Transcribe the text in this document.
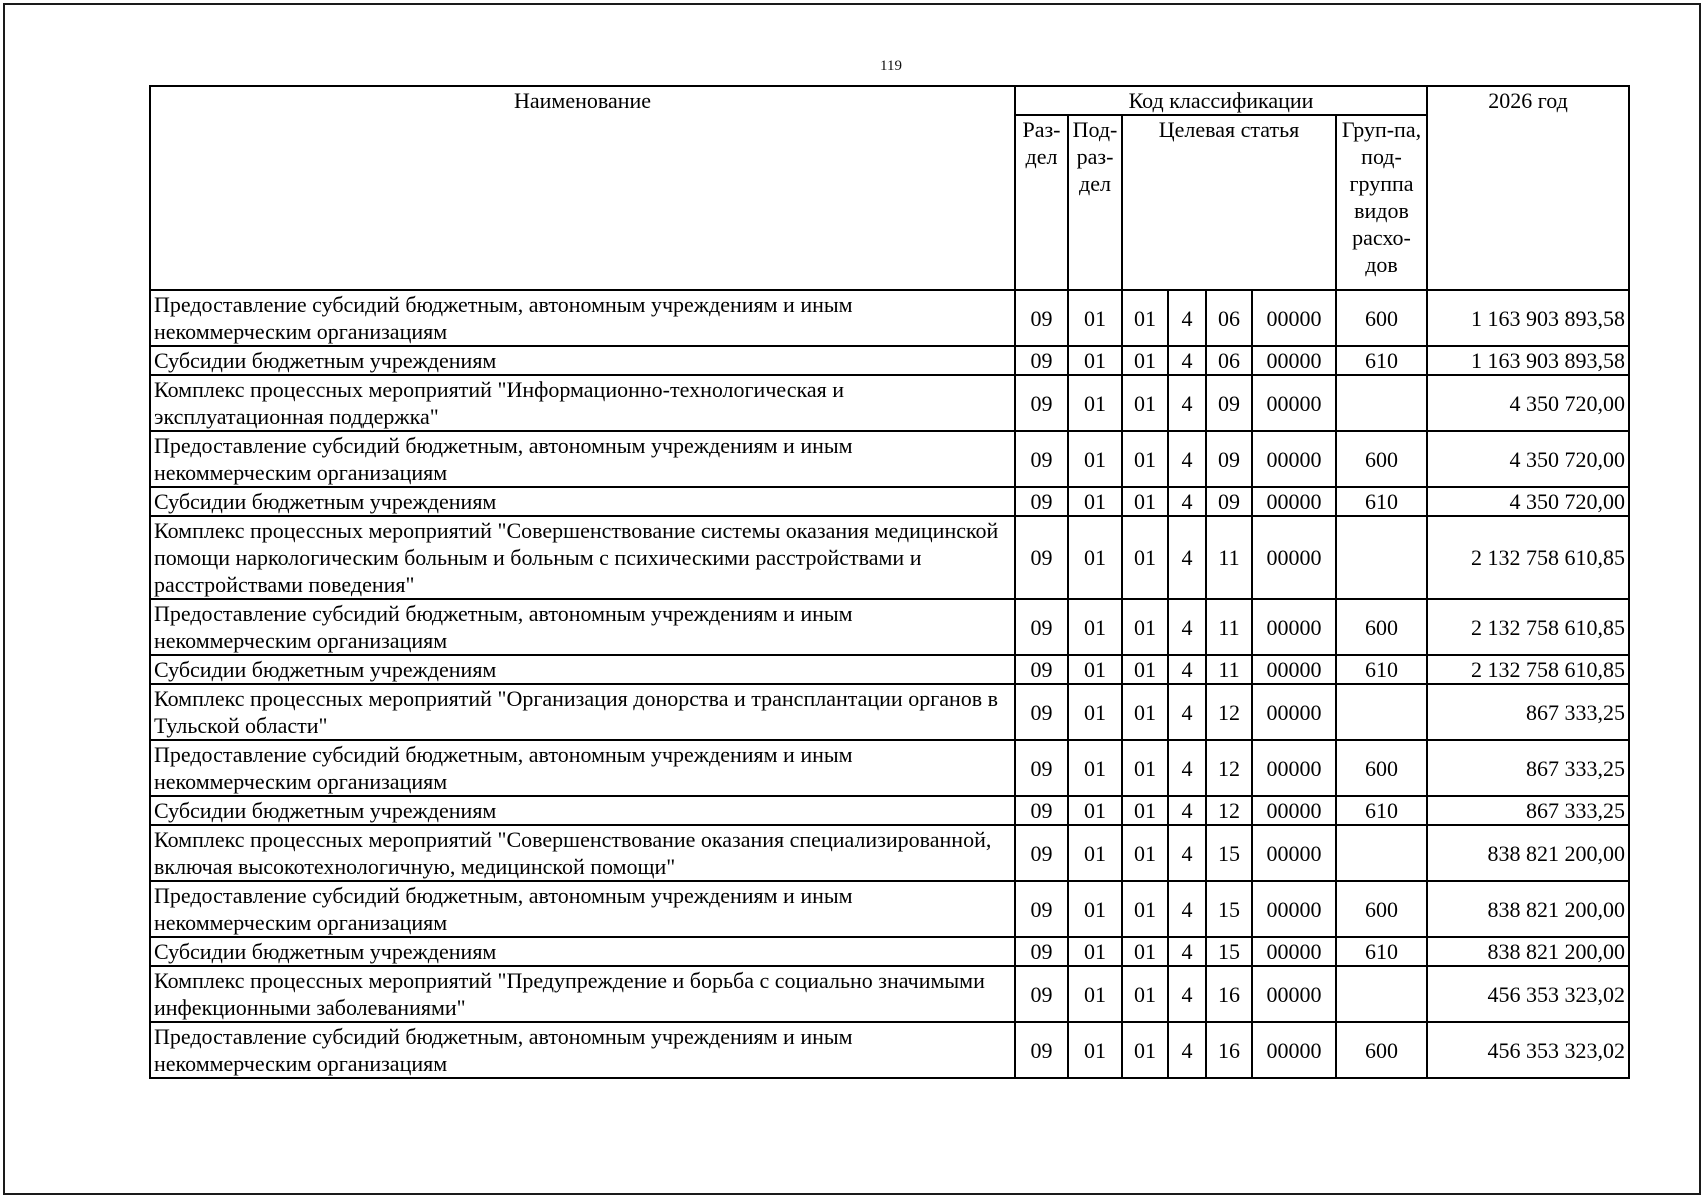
119
Наименование	Код классификации							2026 год
	Раз-дел	Под-раз-дел	Целевая статья				Груп-па, под-группа видов расхо-дов	
Предоставление субсидий бюджетным, автономным учреждениям и иным некоммерческим организациям	09	01	01	4	06	00000	600	1 163 903 893,58
Субсидии бюджетным учреждениям	09	01	01	4	06	00000	610	1 163 903 893,58
Комплекс процессных мероприятий "Информационно-технологическая и эксплуатационная поддержка"	09	01	01	4	09	00000		4 350 720,00
Предоставление субсидий бюджетным, автономным учреждениям и иным некоммерческим организациям	09	01	01	4	09	00000	600	4 350 720,00
Субсидии бюджетным учреждениям	09	01	01	4	09	00000	610	4 350 720,00
Комплекс процессных мероприятий "Совершенствование системы оказания медицинской помощи наркологическим больным и больным с психическими расстройствами и расстройствами поведения"	09	01	01	4	11	00000		2 132 758 610,85
Предоставление субсидий бюджетным, автономным учреждениям и иным некоммерческим организациям	09	01	01	4	11	00000	600	2 132 758 610,85
Субсидии бюджетным учреждениям	09	01	01	4	11	00000	610	2 132 758 610,85
Комплекс процессных мероприятий "Организация донорства и трансплантации органов в Тульской области"	09	01	01	4	12	00000		867 333,25
Предоставление субсидий бюджетным, автономным учреждениям и иным некоммерческим организациям	09	01	01	4	12	00000	600	867 333,25
Субсидии бюджетным учреждениям	09	01	01	4	12	00000	610	867 333,25
Комплекс процессных мероприятий "Совершенствование оказания специализированной, включая высокотехнологичную, медицинской помощи"	09	01	01	4	15	00000		838 821 200,00
Предоставление субсидий бюджетным, автономным учреждениям и иным некоммерческим организациям	09	01	01	4	15	00000	600	838 821 200,00
Субсидии бюджетным учреждениям	09	01	01	4	15	00000	610	838 821 200,00
Комплекс процессных мероприятий "Предупреждение и борьба с социально значимыми инфекционными заболеваниями"	09	01	01	4	16	00000		456 353 323,02
Предоставление субсидий бюджетным, автономным учреждениям и иным некоммерческим организациям	09	01	01	4	16	00000	600	456 353 323,02
